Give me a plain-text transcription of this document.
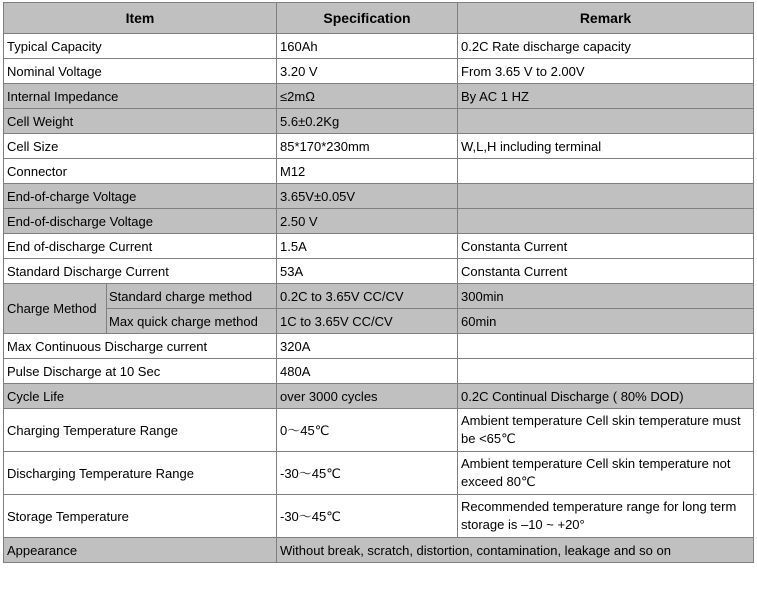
Item		Specification	Remark
Typical Capacity		160Ah	0.2C Rate discharge capacity
Nominal Voltage		3.20 V	From 3.65 V to 2.00V
Internal Impedance		≤2mΩ	By AC 1 HZ
Cell Weight		5.6±0.2Kg	
Cell Size		85*170*230mm	W,L,H including terminal
Connector		M12	
End-of-charge Voltage		3.65V±0.05V	
End-of-discharge Voltage		2.50 V	
End of-discharge Current		1.5A	Constanta Current
Standard Discharge Current		53A	Constanta Current
Charge Method	Standard charge method	0.2C to 3.65V CC/CV	300min
	Max quick charge method	1C to 3.65V CC/CV	60min
Max Continuous Discharge current		320A	
Pulse Discharge at 10 Sec		480A	
Cycle Life		over 3000 cycles	0.2C Continual Discharge ( 80% DOD)
Charging Temperature Range		0～45℃	Ambient temperature Cell skin temperature must be <65℃
Discharging Temperature Range		-30～45℃	Ambient temperature Cell skin temperature not exceed 80℃
Storage Temperature		-30～45℃	Recommended temperature range for long term storage is –10 ~ +20°
Appearance		Without break, scratch, distortion, contamination, leakage and so on	
